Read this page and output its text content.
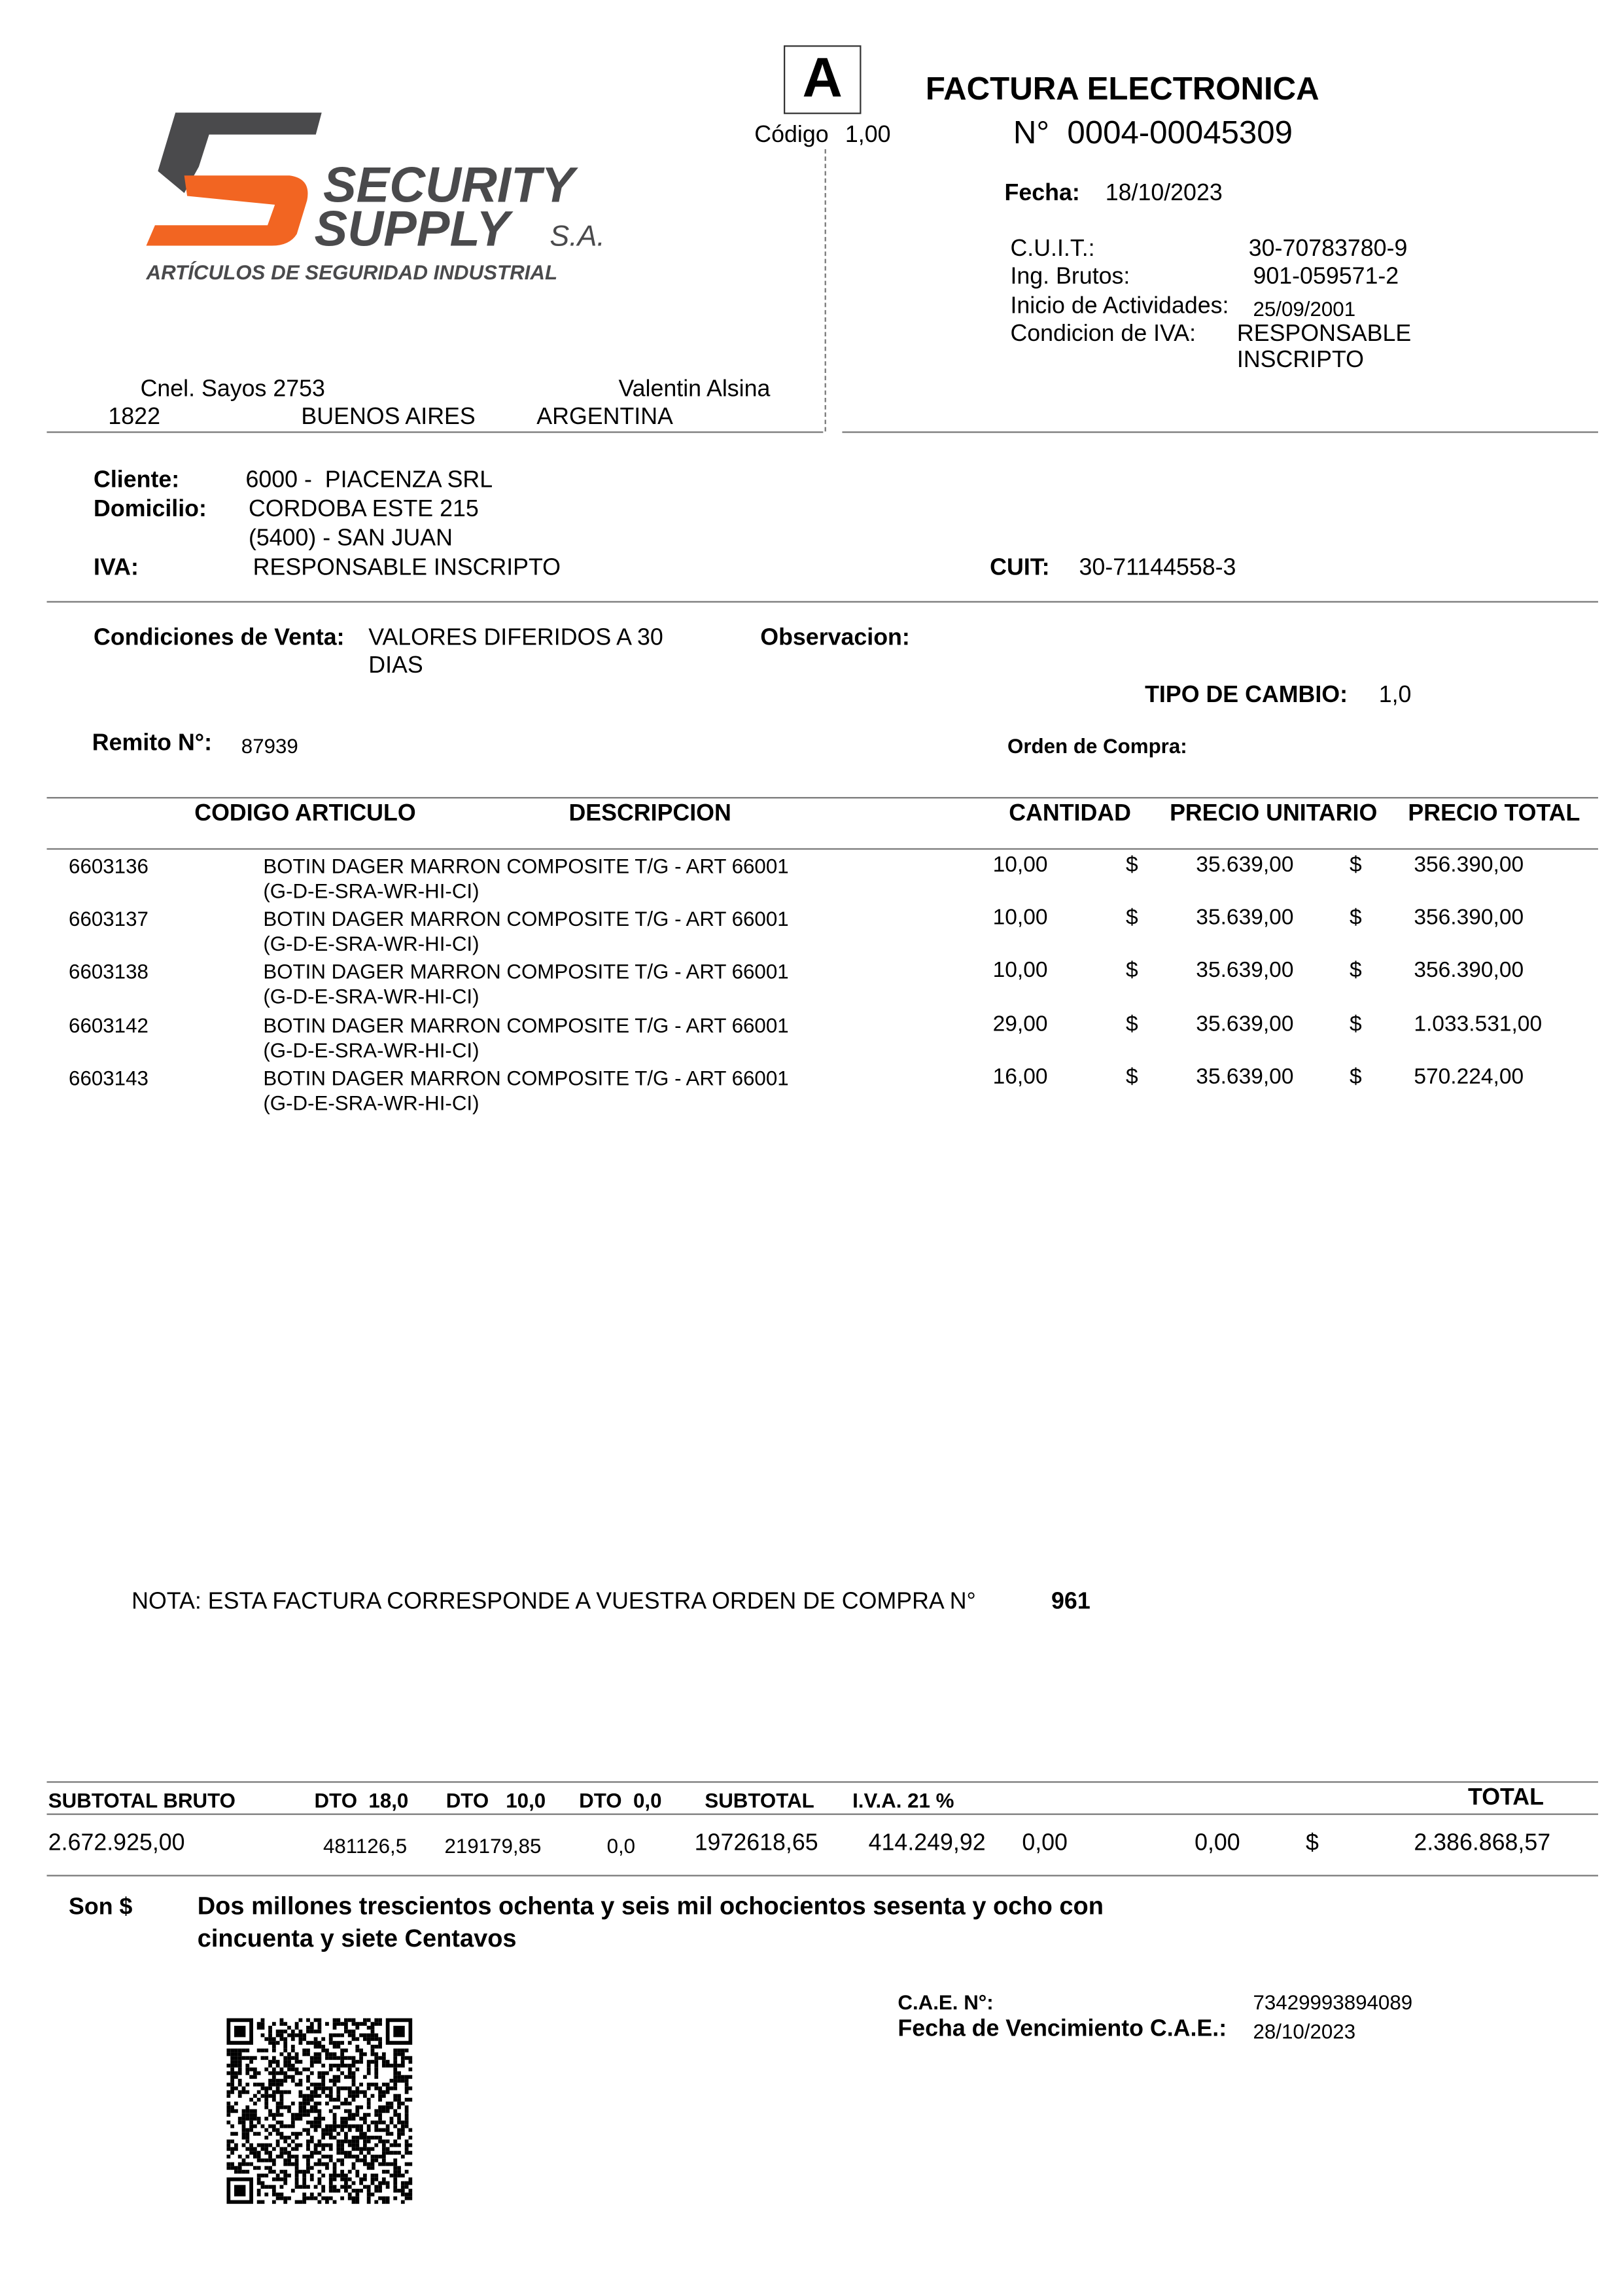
SECURITY
SUPPLY	S.A.
ARTÍCULOS DE SEGURIDAD INDUSTRIAL
A
Código 1,00
FACTURA ELECTRONICA
N°  0004-00045309
Fecha: 18/10/2023
C.U.I.T.:	30-70783780-9
Ing. Brutos:	901-059571-2
Inicio de Actividades:	25/09/2001
Condicion de IVA:	RESPONSABLE
INSCRIPTO
Cnel. Sayos 2753	Valentin Alsina
1822	BUENOS AIRES	ARGENTINA
Cliente:	6000 -  PIACENZA SRL
Domicilio:	CORDOBA ESTE 215
(5400) - SAN JUAN
IVA:	RESPONSABLE INSCRIPTO	CUIT:	30-71144558-3
Condiciones de Venta: VALORES DIFERIDOS A 30
DIAS
Observacion:
TIPO DE CAMBIO:	1,0
Remito N°:	87939	Orden de Compra:
CODIGO ARTICULO	DESCRIPCION	CANTIDAD	PRECIO UNITARIO	PRECIO TOTAL
6603136	BOTIN DAGER MARRON COMPOSITE T/G - ART 66001	10,00	$	35.639,00	$	356.390,00
(G-D-E-SRA-WR-HI-CI)
6603137	BOTIN DAGER MARRON COMPOSITE T/G - ART 66001	10,00	$	35.639,00	$	356.390,00
(G-D-E-SRA-WR-HI-CI)
6603138	BOTIN DAGER MARRON COMPOSITE T/G - ART 66001	10,00	$	35.639,00	$	356.390,00
(G-D-E-SRA-WR-HI-CI)
6603142	BOTIN DAGER MARRON COMPOSITE T/G - ART 66001	29,00	$	35.639,00	$	1.033.531,00
(G-D-E-SRA-WR-HI-CI)
6603143	BOTIN DAGER MARRON COMPOSITE T/G - ART 66001	16,00	$	35.639,00	$	570.224,00
(G-D-E-SRA-WR-HI-CI)
NOTA: ESTA FACTURA CORRESPONDE A VUESTRA ORDEN DE COMPRA N°	961
SUBTOTAL BRUTO	DTO  18,0	DTO   10,0	DTO  0,0	SUBTOTAL	I.V.A. 21 %	TOTAL
2.672.925,00	481126,5	219179,85	0,0	1972618,65	414.249,92	0,00	0,00	$	2.386.868,57
Son $	Dos millones trescientos ochenta y seis mil ochocientos sesenta y ocho con
cincuenta y siete Centavos
C.A.E. N°:	73429993894089
Fecha de Vencimiento C.A.E.:	28/10/2023
